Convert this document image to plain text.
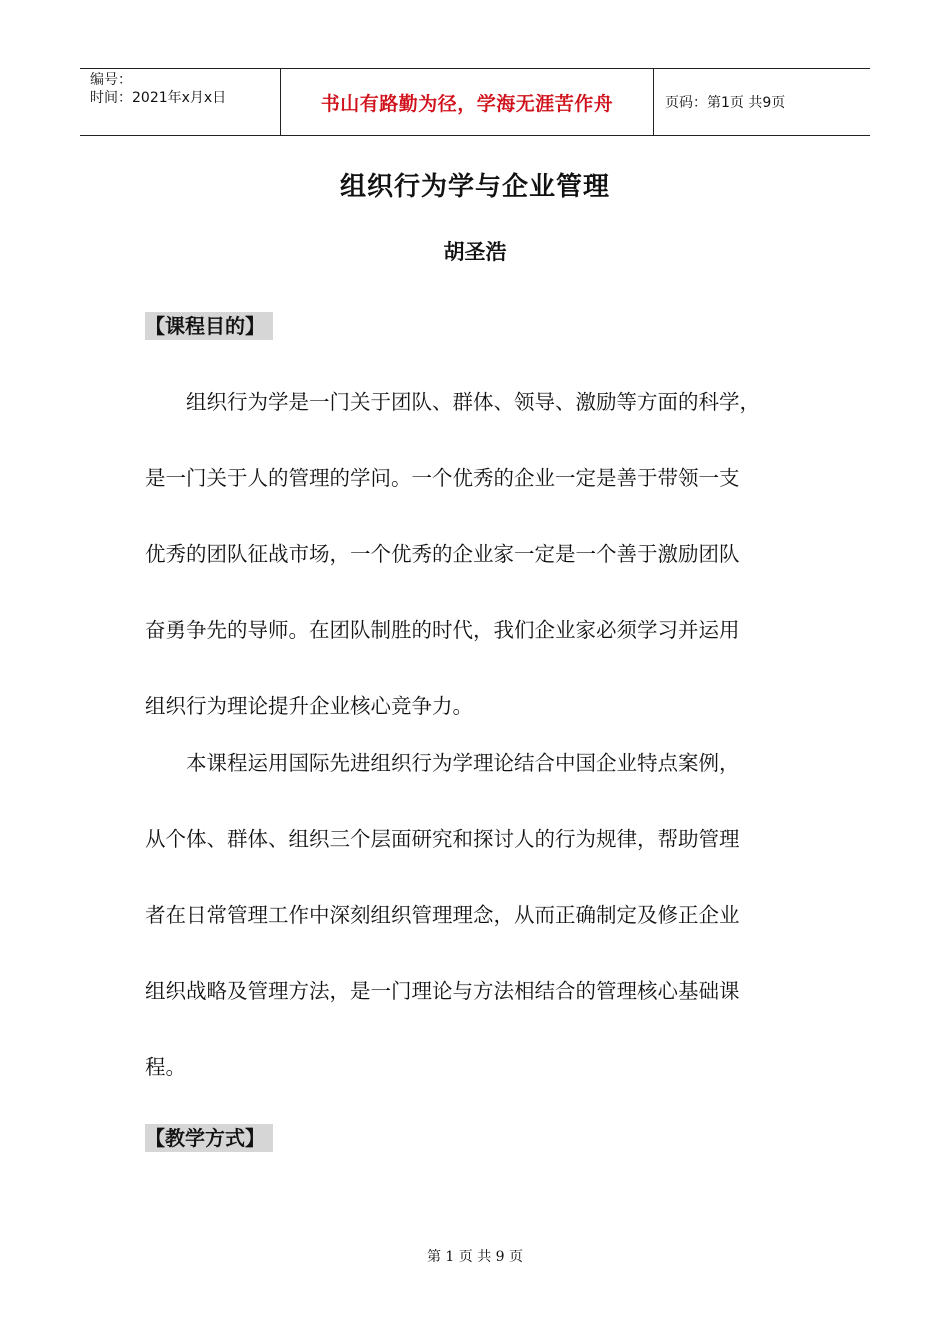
编号：
时间：2021年x月x日	书山有路勤为径，学海无涯苦作舟	页码：第1页 共9页
组织行为学与企业管理
胡圣浩
【课程目的】

　　组织行为学是一门关于团队、群体、领导、激励等方面的科学，
是一门关于人的管理的学问。一个优秀的企业一定是善于带领一支
优秀的团队征战市场，一个优秀的企业家一定是一个善于激励团队
奋勇争先的导师。在团队制胜的时代，我们企业家必须学习并运用
组织行为理论提升企业核心竞争力。

　　本课程运用国际先进组织行为学理论结合中国企业特点案例，
从个体、群体、组织三个层面研究和探讨人的行为规律，帮助管理
者在日常管理工作中深刻组织管理理念，从而正确制定及修正企业
组织战略及管理方法，是一门理论与方法相结合的管理核心基础课
程。

【教学方式】
第 1 页 共 9 页
